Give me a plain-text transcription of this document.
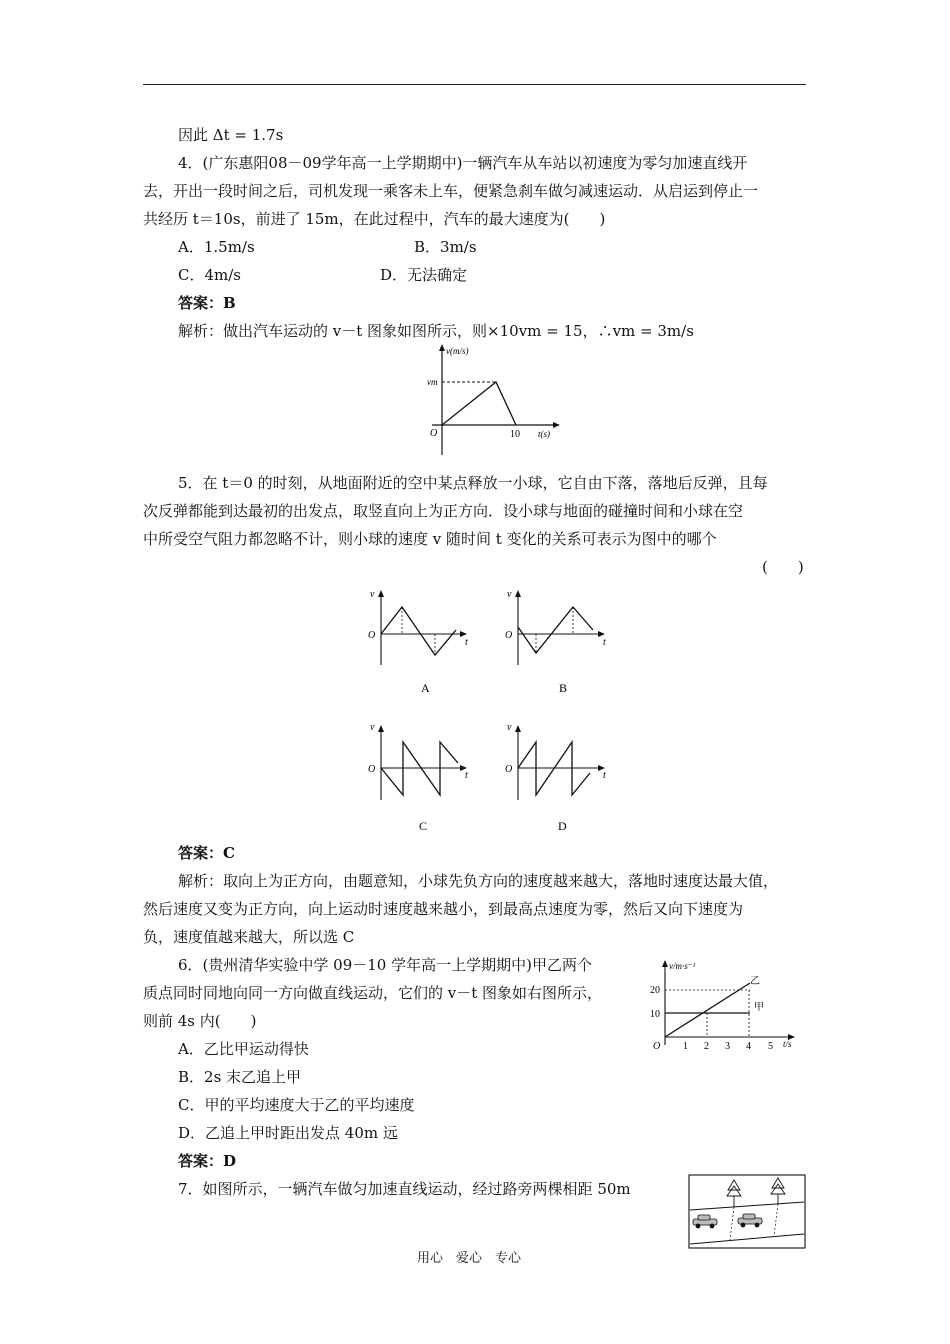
因此 Δt = 1.7s
4．(广东惠阳08－09学年高一上学期期中)一辆汽车从车站以初速度为零匀加速直线开
去，开出一段时间之后，司机发现一乘客未上车，便紧急刹车做匀减速运动．从启运到停止一
共经历 t＝10s，前进了 15m，在此过程中，汽车的最大速度为(　　)
A．1.5m/s	B．3m/s
C．4m/s	D．无法确定
答案：B
解析：做出汽车运动的 v－t 图象如图所示，则×10vm = 15，∴vm = 3m/s
v(m/s)
vm
O	10 t(s)
5．在 t＝0 的时刻，从地面附近的空中某点释放一小球，它自由下落，落地后反弹，且每
次反弹都能到达最初的出发点，取竖直向上为正方向．设小球与地面的碰撞时间和小球在空
中所受空气阻力都忽略不计，则小球的速度 v 随时间 t 变化的关系可表示为图中的哪个
(　　)
v
O
t
A
v
O
t
B
v
O
t
C
v
O
t
D
答案：C
解析：取向上为正方向，由题意知，小球先负方向的速度越来越大，落地时速度达最大值，
然后速度又变为正方向，向上运动时速度越来越小，到最高点速度为零，然后又向下速度为
负，速度值越来越大，所以选 C
6．(贵州清华实验中学 09－10 学年高一上学期期中)甲乙两个
质点同时同地向同一方向做直线运动，它们的 v－t 图象如右图所示，
则前 4s 内(　　)
v/m·s⁻¹
20
10
乙
甲
O 1 2 3 4 5 t/s
A．乙比甲运动得快
B．2s 末乙追上甲
C．甲的平均速度大于乙的平均速度
D．乙追上甲时距出发点 40m 远
答案：D
7．如图所示，一辆汽车做匀加速直线运动，经过路旁两棵相距 50m
用心　爱心　专心
